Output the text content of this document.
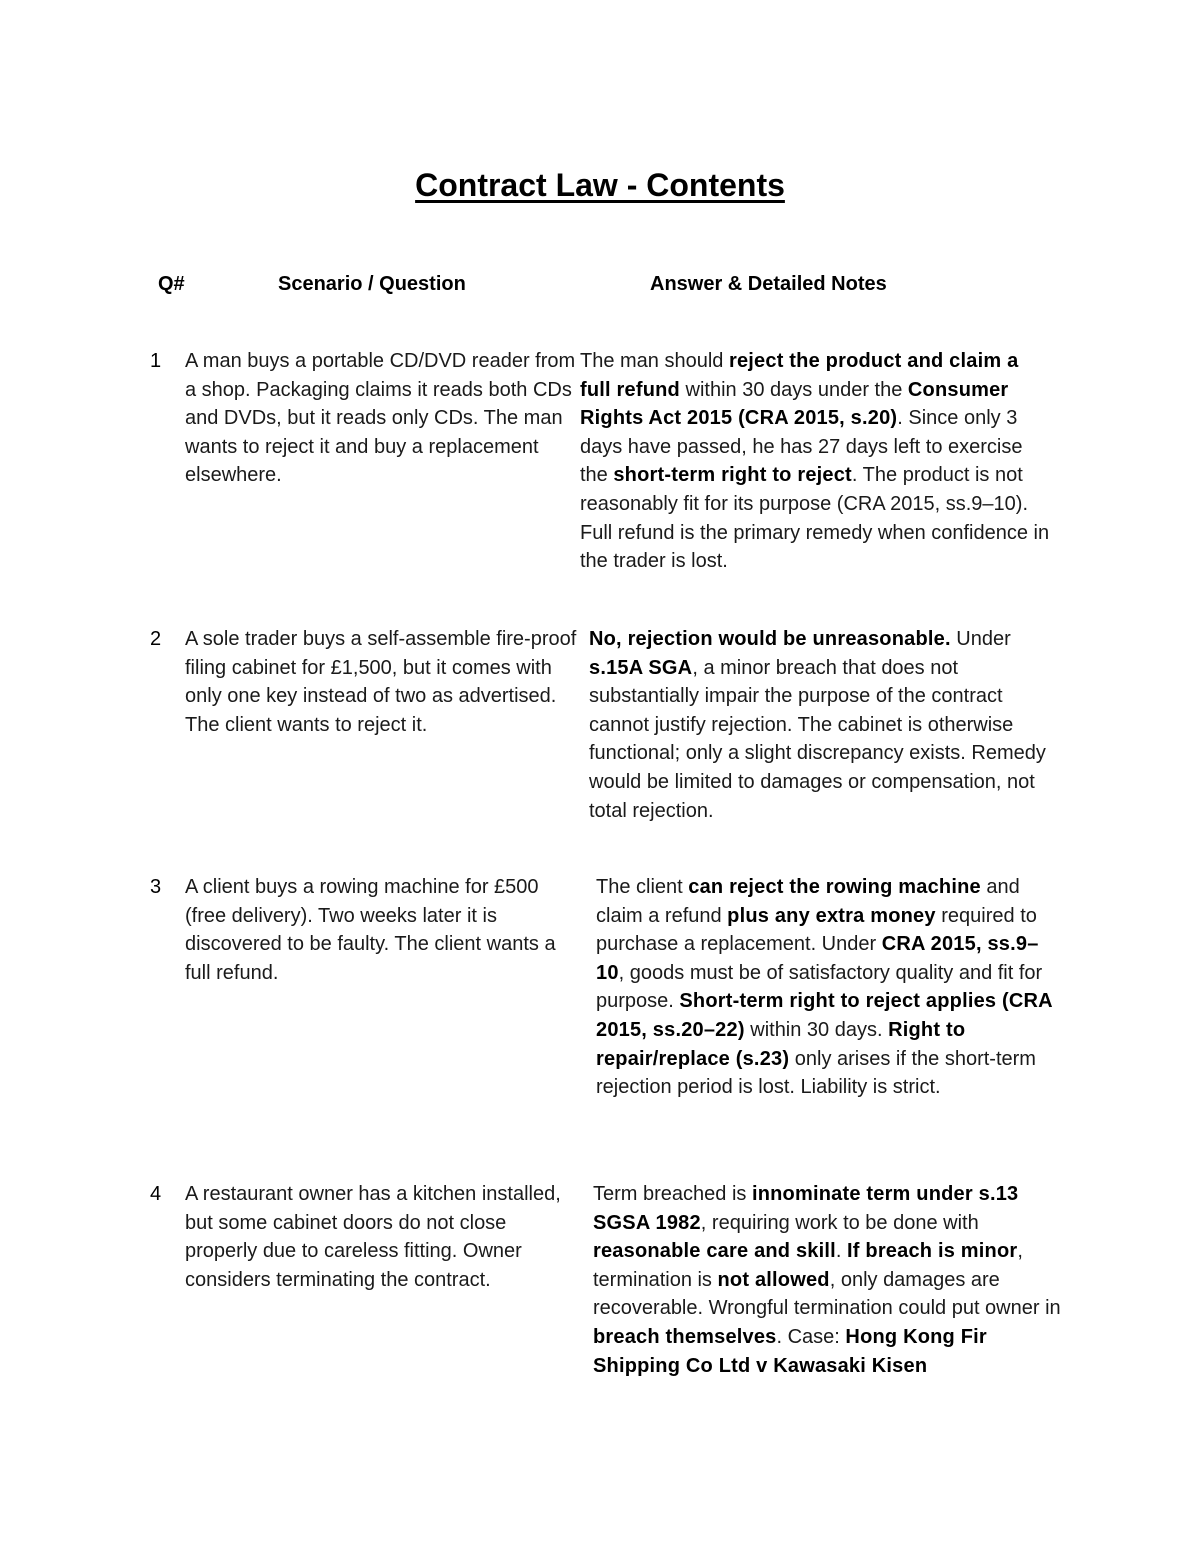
Contract Law - Contents
Q#	Scenario / Question	Answer & Detailed Notes
1 A man buys a portable CD/DVD reader from a shop. Packaging claims it reads both CDs and DVDs, but it reads only CDs. The man wants to reject it and buy a replacement elsewhere.
The man should reject the product and claim a full refund within 30 days under the Consumer Rights Act 2015 (CRA 2015, s.20). Since only 3 days have passed, he has 27 days left to exercise the short-term right to reject. The product is not reasonably fit for its purpose (CRA 2015, ss.9–10). Full refund is the primary remedy when confidence in the trader is lost.
2 A sole trader buys a self-assemble fire-proof filing cabinet for £1,500, but it comes with only one key instead of two as advertised. The client wants to reject it.
No, rejection would be unreasonable. Under s.15A SGA, a minor breach that does not substantially impair the purpose of the contract cannot justify rejection. The cabinet is otherwise functional; only a slight discrepancy exists. Remedy would be limited to damages or compensation, not total rejection.
3 A client buys a rowing machine for £500 (free delivery). Two weeks later it is discovered to be faulty. The client wants a full refund.
The client can reject the rowing machine and claim a refund plus any extra money required to purchase a replacement. Under CRA 2015, ss.9–10, goods must be of satisfactory quality and fit for purpose. Short-term right to reject applies (CRA 2015, ss.20–22) within 30 days. Right to repair/replace (s.23) only arises if the short-term rejection period is lost. Liability is strict.
4 A restaurant owner has a kitchen installed, but some cabinet doors do not close properly due to careless fitting. Owner considers terminating the contract.
Term breached is innominate term under s.13 SGSA 1982, requiring work to be done with reasonable care and skill. If breach is minor, termination is not allowed, only damages are recoverable. Wrongful termination could put owner in breach themselves. Case: Hong Kong Fir Shipping Co Ltd v Kawasaki Kisen
